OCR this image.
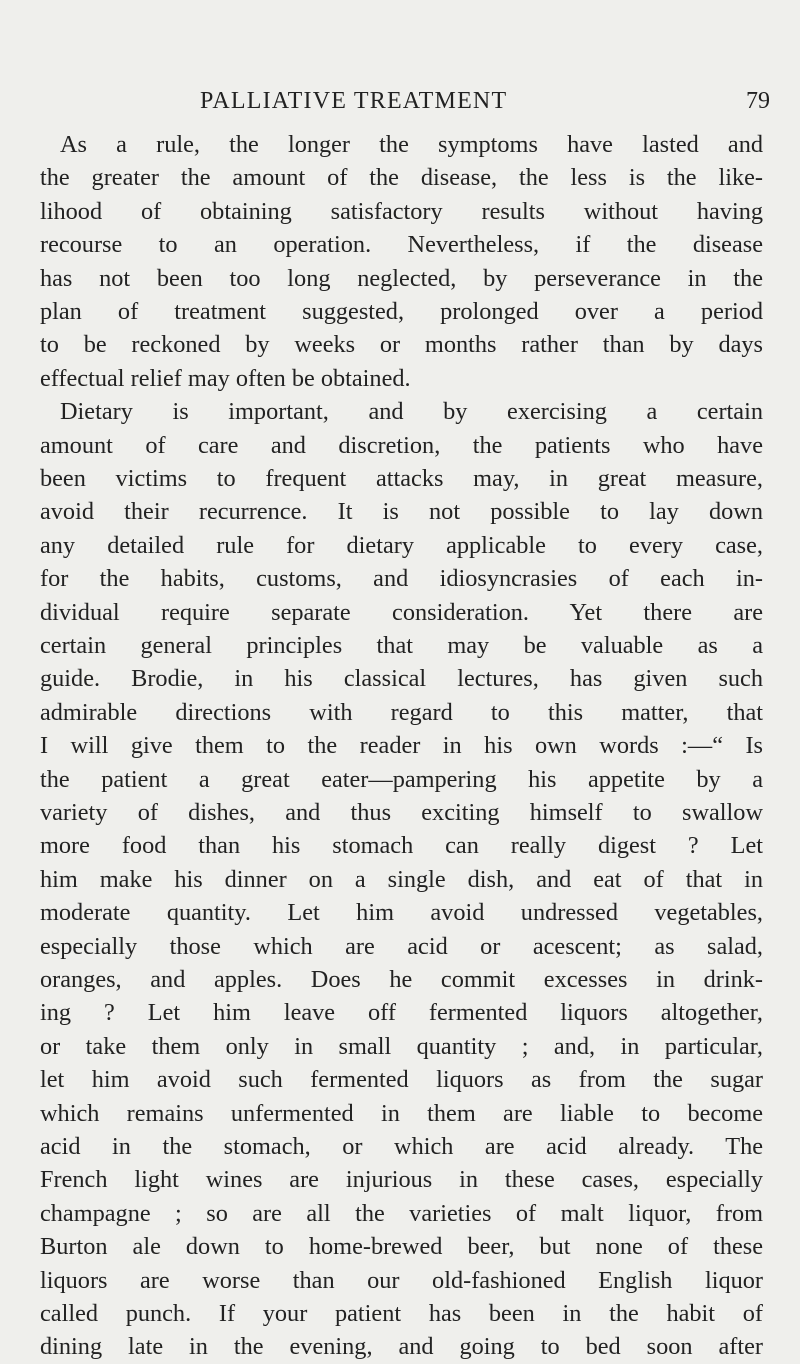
PALLIATIVE TREATMENT	79
As a rule, the longer the symptoms have lasted and
the greater the amount of the disease, the less is the like-
lihood of obtaining satisfactory results without having
recourse to an operation. Nevertheless, if the disease
has not been too long neglected, by perseverance in the
plan of treatment suggested, prolonged over a period
to be reckoned by weeks or months rather than by days
effectual relief may often be obtained.
Dietary is important, and by exercising a certain
amount of care and discretion, the patients who have
been victims to frequent attacks may, in great measure,
avoid their recurrence. It is not possible to lay down
any detailed rule for dietary applicable to every case,
for the habits, customs, and idiosyncrasies of each in-
dividual require separate consideration. Yet there are
certain general principles that may be valuable as a
guide. Brodie, in his classical lectures, has given such
admirable directions with regard to this matter, that
I will give them to the reader in his own words :—“ Is
the patient a great eater—pampering his appetite by a
variety of dishes, and thus exciting himself to swallow
more food than his stomach can really digest ? Let
him make his dinner on a single dish, and eat of that in
moderate quantity. Let him avoid undressed vegetables,
especially those which are acid or acescent; as salad,
oranges, and apples. Does he commit excesses in drink-
ing ? Let him leave off fermented liquors altogether,
or take them only in small quantity ; and, in particular,
let him avoid such fermented liquors as from the sugar
which remains unfermented in them are liable to become
acid in the stomach, or which are acid already. The
French light wines are injurious in these cases, especially
champagne ; so are all the varieties of malt liquor, from
Burton ale down to home-brewed beer, but none of these
liquors are worse than our old-fashioned English liquor
called punch. If your patient has been in the habit of
dining late in the evening, and going to bed soon after
